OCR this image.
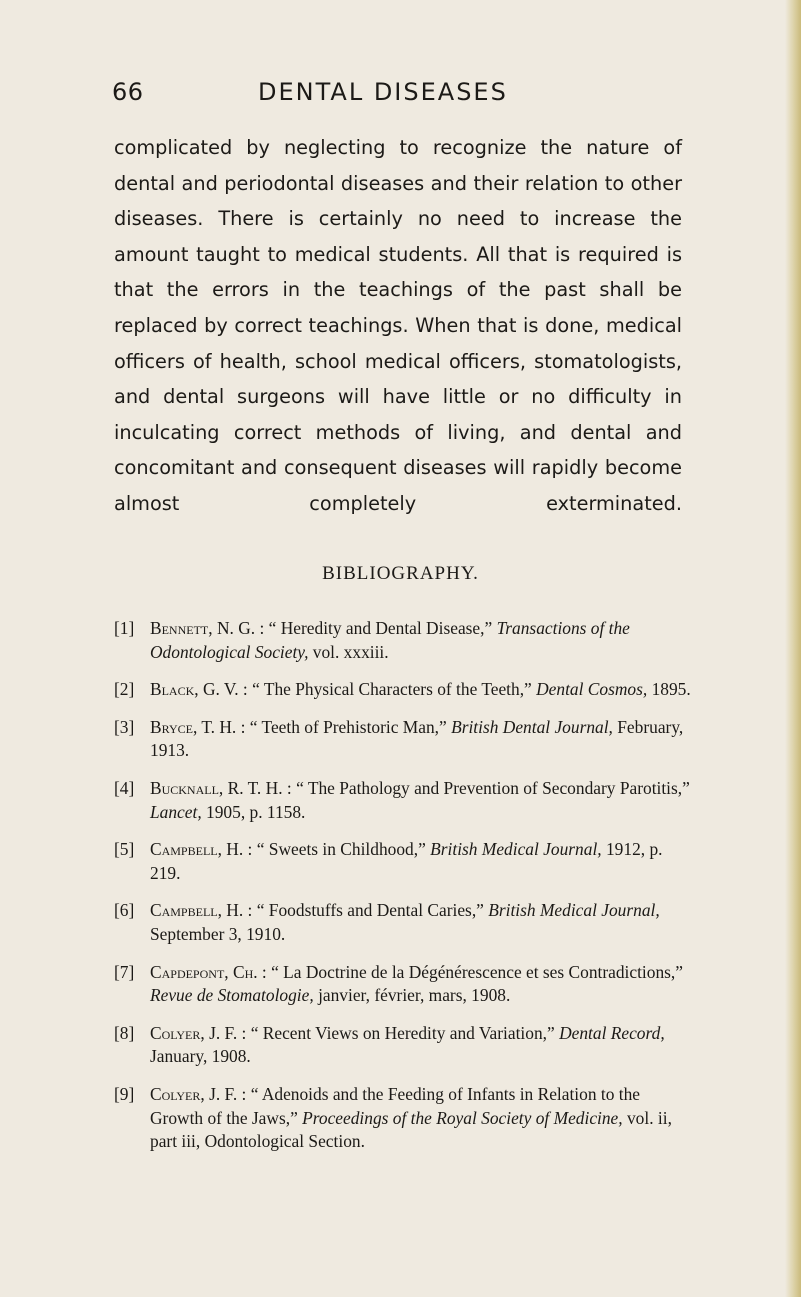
66	DENTAL DISEASES
complicated by neglecting to recognize the nature of dental and periodontal diseases and their relation to other diseases. There is certainly no need to increase the amount taught to medical students. All that is required is that the errors in the teachings of the past shall be replaced by correct teachings. When that is done, medical officers of health, school medical officers, stomatologists, and dental surgeons will have little or no difficulty in inculcating correct methods of living, and dental and concomitant and consequent diseases will rapidly become almost completely exterminated.
BIBLIOGRAPHY.
[1] Bennett, N. G. : “ Heredity and Dental Disease,” Transactions of the Odontological Society, vol. xxxiii.
[2] Black, G. V. : “ The Physical Characters of the Teeth,” Dental Cosmos, 1895.
[3] Bryce, T. H. : “ Teeth of Prehistoric Man,” British Dental Journal, February, 1913.
[4] Bucknall, R. T. H. : “ The Pathology and Prevention of Secondary Parotitis,” Lancet, 1905, p. 1158.
[5] Campbell, H. : “ Sweets in Childhood,” British Medical Journal, 1912, p. 219.
[6] Campbell, H. : “ Foodstuffs and Dental Caries,” British Medical Journal, September 3, 1910.
[7] Capdepont, Ch. : “ La Doctrine de la Dégénérescence et ses Contradictions,” Revue de Stomatologie, janvier, février, mars, 1908.
[8] Colyer, J. F. : “ Recent Views on Heredity and Variation,” Dental Record, January, 1908.
[9] Colyer, J. F. : “ Adenoids and the Feeding of Infants in Relation to the Growth of the Jaws,” Proceedings of the Royal Society of Medicine, vol. ii, part iii, Odontological Section.
